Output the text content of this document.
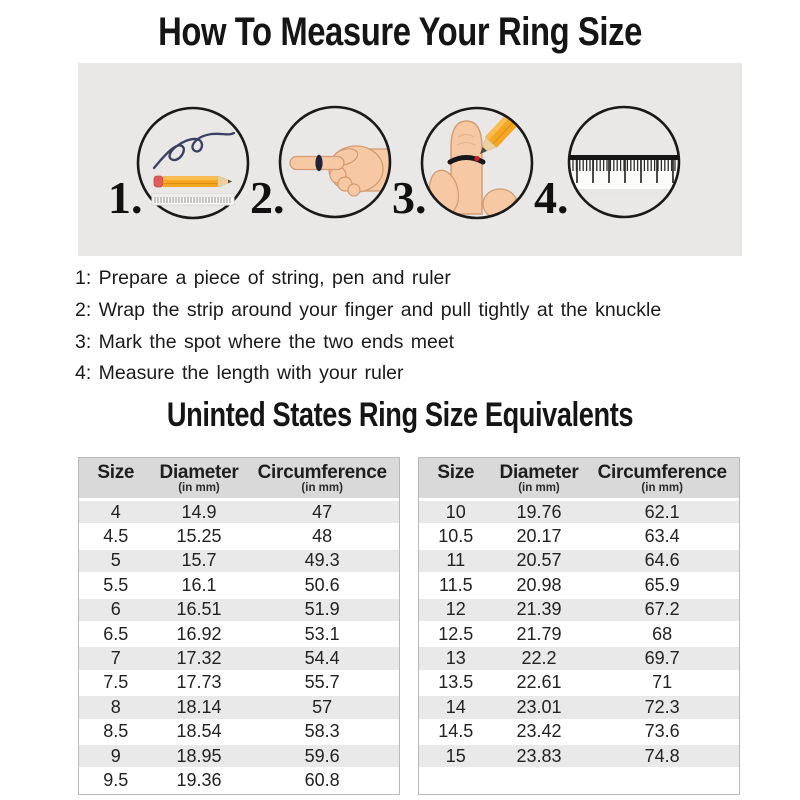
How To Measure Your Ring Size
1. 2. 3. 4.
1: Prepare a piece of string, pen and ruler
2: Wrap the strip around your finger and pull tightly at the knuckle
3: Mark the spot where the two ends meet
4: Measure the length with your ruler
Uninted States Ring Size Equivalents
Size Diameter
(in mm)
Circumference
(in mm)
4	14.9	47
4.5	15.25	48
5	15.7	49.3
5.5	16.1	50.6
6	16.51	51.9
6.5	16.92	53.1
7	17.32	54.4
7.5	17.73	55.7
8	18.14	57
8.5	18.54	58.3
9	18.95	59.6
9.5	19.36	60.8
Size Diameter
(in mm)
Circumference
(in mm)
10	19.76	62.1
10.5	20.17	63.4
11	20.57	64.6
11.5	20.98	65.9
12	21.39	67.2
12.5	21.79	68
13	22.2	69.7
13.5	22.61	71
14	23.01	72.3
14.5	23.42	73.6
15	23.83	74.8
